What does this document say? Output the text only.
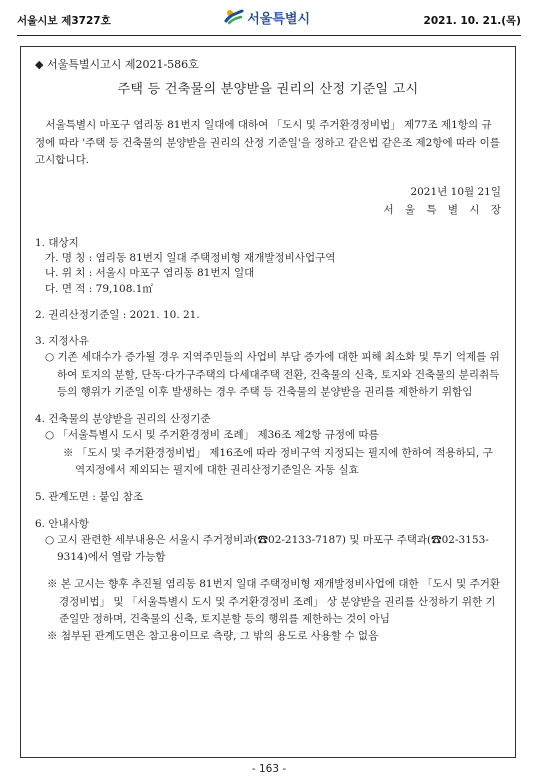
서울시보 제3727호	서울특별시	2021. 10. 21.(목)

◆ 서울특별시고시 제2021-586호

주택 등 건축물의 분양받을 권리의 산정 기준일 고시

서울특별시 마포구 염리동 81번지 일대에 대하여 「도시 및 주거환경정비법」 제77조 제1항의 규정에 따라 '주택 등 건축물의 분양받을 권리의 산정 기준일'을 정하고 같은법 같은조 제2항에 따라 이를 고시합니다.

2021년 10월 21일
서 울 특 별 시 장

1. 대상지

가. 명 칭 : 염리동 81번지 일대 주택정비형 재개발정비사업구역

나. 위 치 : 서울시 마포구 염리동 81번지 일대

다. 면 적 : 79,108.1㎡

2. 권리산정기준일 : 2021. 10. 21.

3. 지정사유

○ 기존 세대수가 증가될 경우 지역주민들의 사업비 부담 증가에 대한 피해 최소화 및 투기 억제를 위하여 토지의 분할, 단독·다가구주택의 다세대주택 전환, 건축물의 신축, 토지와 건축물의 분리취득 등의 행위가 기준일 이후 발생하는 경우 주택 등 건축물의 분양받을 권리를 제한하기 위함임

4. 건축물의 분양받을 권리의 산정기준

○ 「서울특별시 도시 및 주거환경정비 조례」 제36조 제2항 규정에 따름

※ 「도시 및 주거환경정비법」 제16조에 따라 정비구역 지정되는 필지에 한하여 적용하되, 구역지정에서 제외되는 필지에 대한 권리산정기준일은 자동 실효

5. 관계도면 : 붙임 참조

6. 안내사항

○ 고시 관련한 세부내용은 서울시 주거정비과(☎02-2133-7187) 및 마포구 주택과(☎02-3153-9314)에서 열람 가능함

※ 본 고시는 향후 추진될 염리동 81번지 일대 주택정비형 재개발정비사업에 대한 「도시 및 주거환경정비법」 및 「서울특별시 도시 및 주거환경정비 조례」 상 분양받을 권리를 산정하기 위한 기준일만 정하며, 건축물의 신축, 토지분할 등의 행위를 제한하는 것이 아님

※ 첨부된 관계도면은 참고용이므로 측량, 그 밖의 용도로 사용할 수 없음

- 163 -
